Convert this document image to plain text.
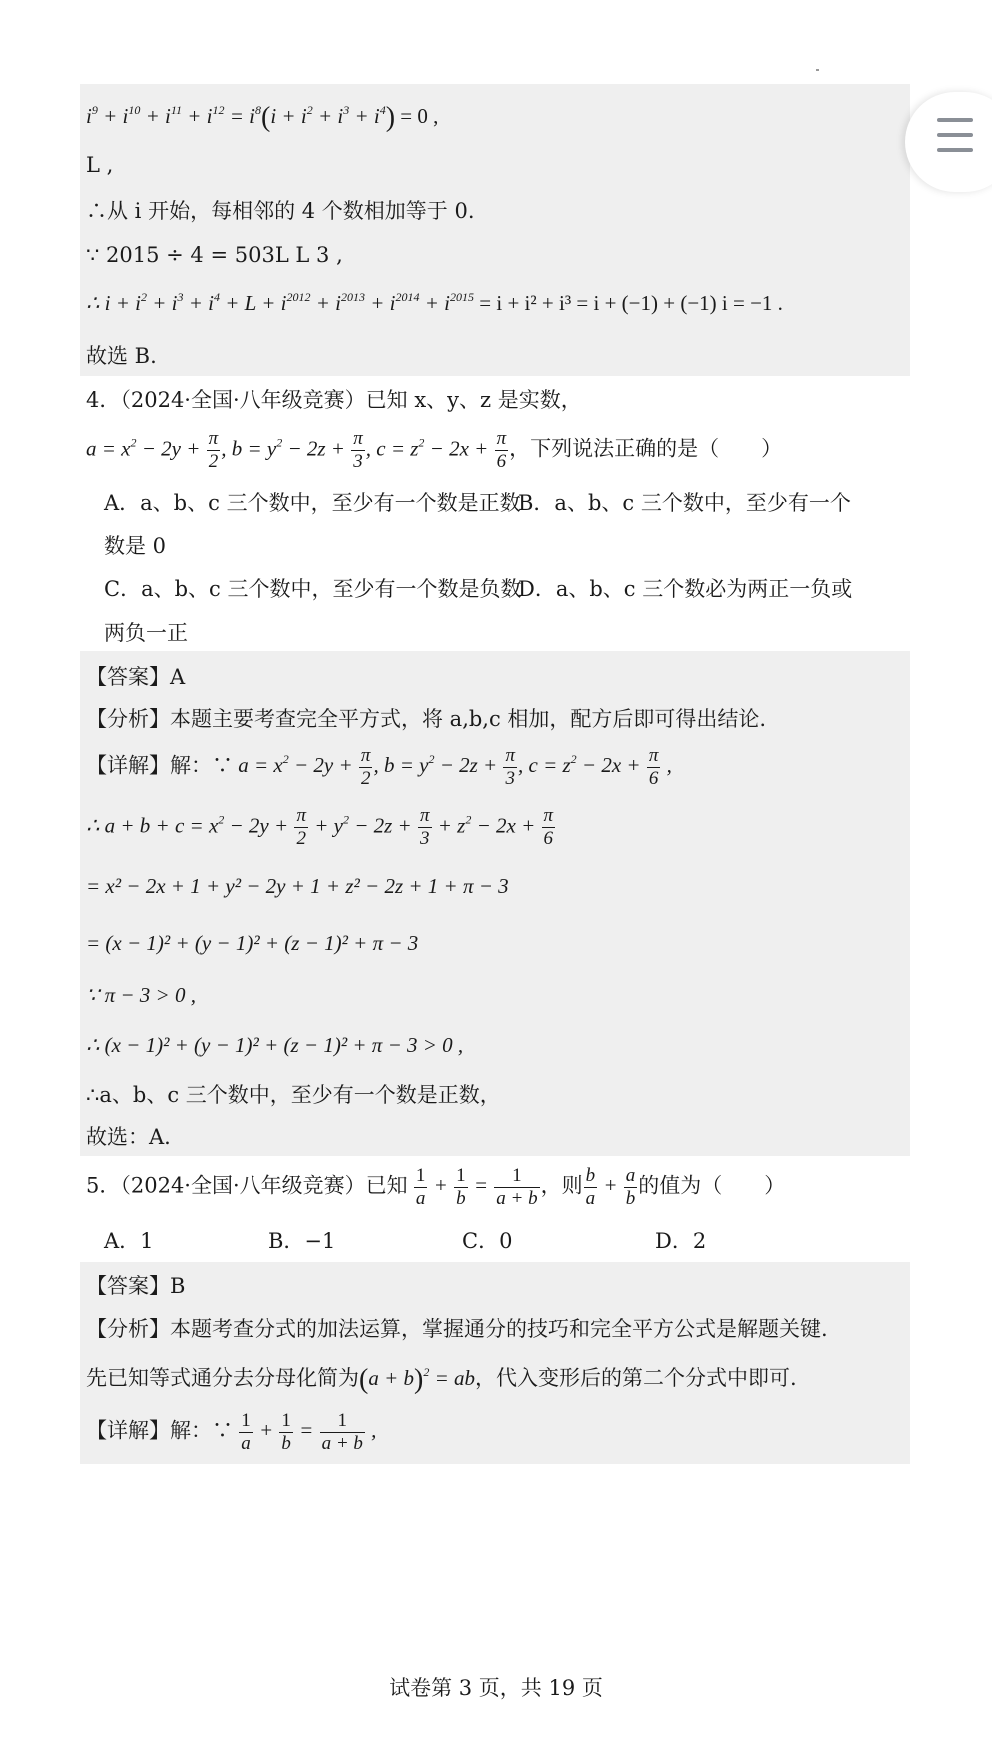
$i^9 + i^{10} + i^{11} + i^{12} = i^8(i + i^2 + i^3 + i^4) = 0$ ,
L ,
∴从 i 开始，每相邻的 4 个数相加等于 0.
∵ 2015 ÷ 4 = 503L L 3 ,
∴ $i + i^2 + i^3 + i^4 + L + i^{2012} + i^{2013} + i^{2014} + i^{2015} = i + i^2 + i^3 = i + (-1) + (-1) i = -1$ .
故选 B.
4．（2024·全国·八年级竞赛）已知 x、y、z 是实数，
$a = x^2 - 2y + \frac{\pi}{2}$ , $b = y^2 - 2z + \frac{\pi}{3}$ , $c = z^2 - 2x + \frac{\pi}{6}$ ，下列说法正确的是（　　）
A．a、b、c 三个数中，至少有一个数是正数
B．a、b、c 三个数中，至少有一个
数是 0
C．a、b、c 三个数中，至少有一个数是负数
D．a、b、c 三个数必为两正一负或
两负一正
【答案】A
【分析】本题主要考查完全平方式，将 a,b,c 相加，配方后即可得出结论.
【详解】解：∵ $a = x^2 - 2y + \frac{\pi}{2}$ , $b = y^2 - 2z + \frac{\pi}{3}$ , $c = z^2 - 2x + \frac{\pi}{6}$ ,
∴ $a + b + c = x^2 - 2y + \frac{\pi}{2} + y^2 - 2z + \frac{\pi}{3} + z^2 - 2x + \frac{\pi}{6}$
= x² − 2x + 1 + y² − 2y + 1 + z² − 2z + 1 + π − 3
= (x − 1)² + (y − 1)² + (z − 1)² + π − 3
∵ π − 3 > 0 ,
∴ (x − 1)² + (y − 1)² + (z − 1)² + π − 3 > 0 ,
∴a、b、c 三个数中，至少有一个数是正数，
故选：A.
5．（2024·全国·八年级竞赛）已知 $\frac{1}{a} + \frac{1}{b} = \frac{1}{a + b}$ ，则 $\frac{b}{a} + \frac{a}{b}$ 的值为（　　）
A．1	B．−1	C．0	D．2
【答案】B
【分析】本题考查分式的加法运算，掌握通分的技巧和完全平方公式是解题关键.
先已知等式通分去分母化简为$(a + b)^2$ = ab，代入变形后的第二个分式中即可.
【详解】解：∵ $\frac{1}{a} + \frac{1}{b} = \frac{1}{a + b}$ ,
试卷第 3 页，共 19 页
